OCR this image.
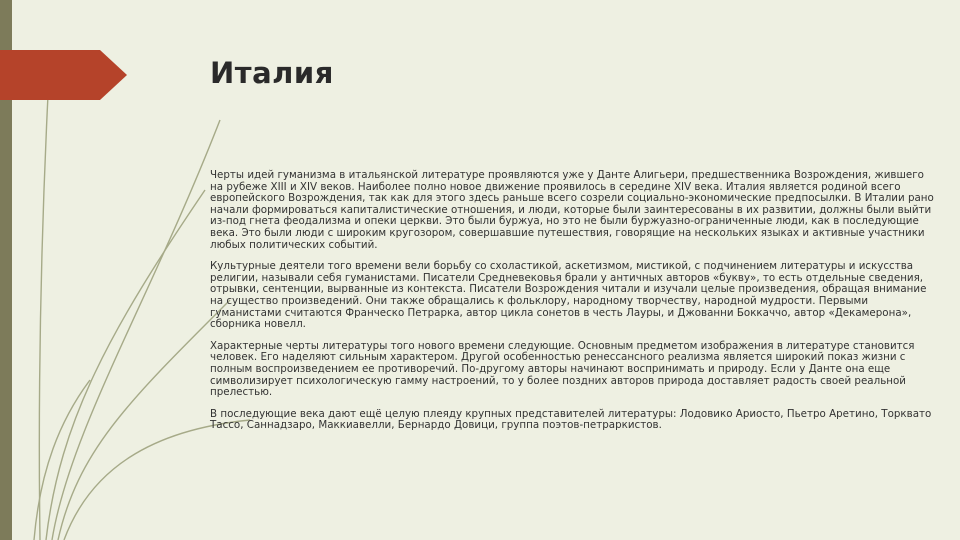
Италия

Черты идей гуманизма в итальянской литературе проявляются уже у Данте Алигьери, предшественника Возрождения, жившего на рубеже XIII и XIV веков. Наиболее полно новое движение проявилось в середине XIV века. Италия является родиной всего европейского Возрождения, так как для этого здесь раньше всего созрели социально-экономические предпосылки. В Италии рано начали формироваться капиталистические отношения, и люди, которые были заинтересованы в их развитии, должны были выйти из-под гнета феодализма и опеки церкви. Это были буржуа, но это не были буржуазно-ограниченные люди, как в последующие века. Это были люди с широким кругозором, совершавшие путешествия, говорящие на нескольких языках и активные участники любых политических событий.

Культурные деятели того времени вели борьбу со схоластикой, аскетизмом, мистикой, с подчинением литературы и искусства религии, называли себя гуманистами. Писатели Средневековья брали у античных авторов «букву», то есть отдельные сведения, отрывки, сентенции, вырванные из контекста. Писатели Возрождения читали и изучали целые произведения, обращая внимание на существо произведений. Они также обращались к фольклору, народному творчеству, народной мудрости. Первыми гуманистами считаются Франческо Петрарка, автор цикла сонетов в честь Лауры, и Джованни Боккаччо, автор «Декамерона», сборника новелл.

Характерные черты литературы того нового времени следующие. Основным предметом изображения в литературе становится человек. Его наделяют сильным характером. Другой особенностью ренессансного реализма является широкий показ жизни с полным воспроизведением ее противоречий. По-другому авторы начинают воспринимать и природу. Если у Данте она еще символизирует психологическую гамму настроений, то у более поздних авторов природа доставляет радость своей реальной прелестью.

В последующие века дают ещё целую плеяду крупных представителей литературы: Лодовико Ариосто, Пьетро Аретино, Торквато Тассо, Саннадзаро, Маккиавелли, Бернардо Довици, группа поэтов-петраркистов.
